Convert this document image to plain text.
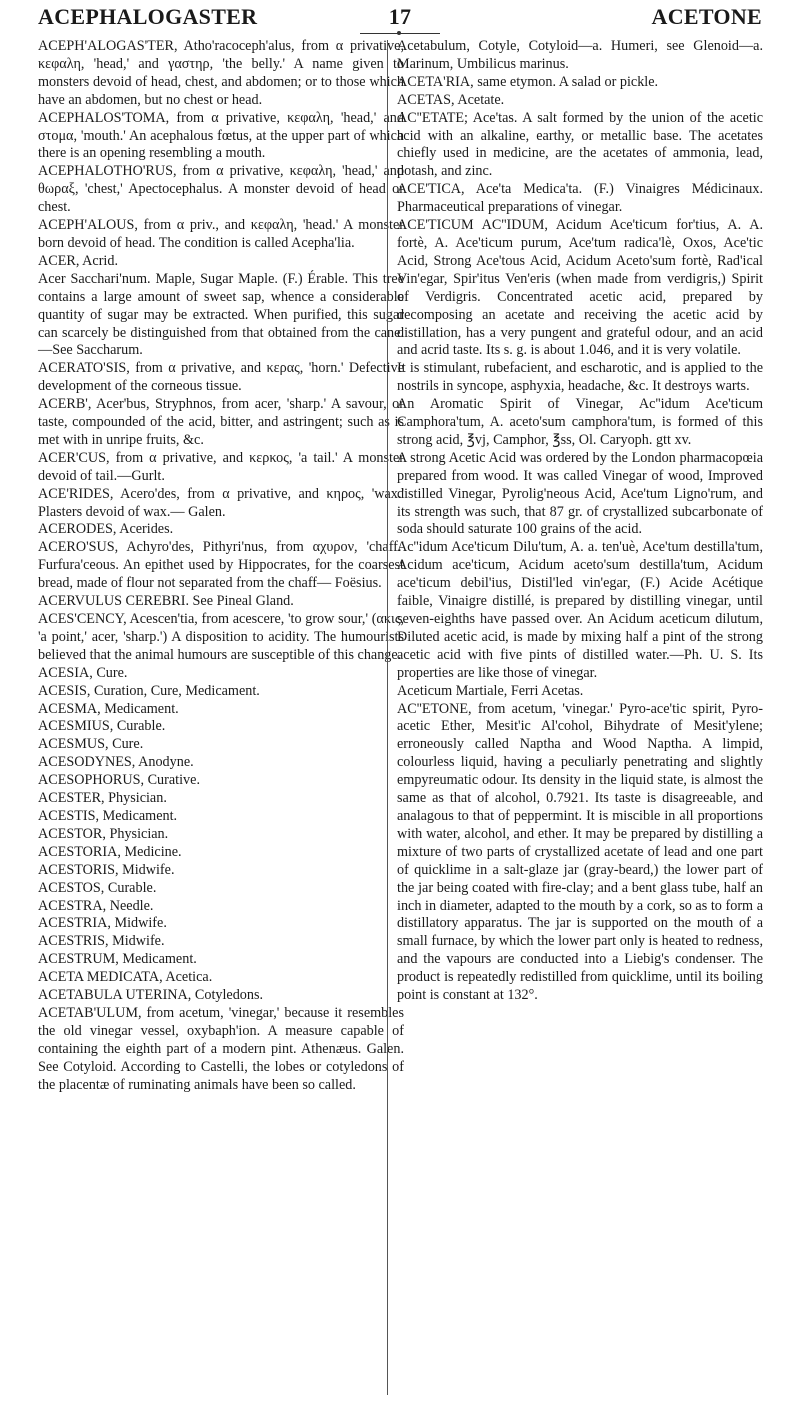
ACEPHALOGASTER	17	ACETONE

ACEPH'ALOGAS'TER, Atho'racoceph'alus, from α privative, κεφαλη, 'head,' and γαστηρ, 'the belly.' A name given to monsters devoid of head, chest, and abdomen; or to those which have an abdomen, but no chest or head.

ACEPHALOS'TOMA, from α privative, κεφαλη, 'head,' and στομα, 'mouth.' An acephalous fœtus, at the upper part of which there is an opening resembling a mouth.

ACEPHALOTHO'RUS, from α privative, κεφαλη, 'head,' and θωραξ, 'chest,' Apectocephalus. A monster devoid of head or chest.

ACEPH'ALOUS, from α priv., and κεφαλη, 'head.' A monster born devoid of head. The condition is called Acepha'lia.

ACER, Acrid.

Acer Sacchari'num. Maple, Sugar Maple. (F.) Érable. This tree contains a large amount of sweet sap, whence a considerable quantity of sugar may be extracted. When purified, this sugar can scarcely be distinguished from that obtained from the cane.—See Saccharum.

ACERATO'SIS, from α privative, and κερας, 'horn.' Defective development of the corneous tissue.

ACERB', Acer'bus, Stryphnos, from acer, 'sharp.' A savour, or taste, compounded of the acid, bitter, and astringent; such as is met with in unripe fruits, &c.

ACER'CUS, from α privative, and κερκος, 'a tail.' A monster devoid of tail.—Gurlt.

ACE'RIDES, Acero'des, from α privative, and κηρος, 'wax.' Plasters devoid of wax.— Galen.

ACERODES, Acerides.

ACERO'SUS, Achyro'des, Pithyri'nus, from αχυρον, 'chaff.' Furfura'ceous. An epithet used by Hippocrates, for the coarsest bread, made of flour not separated from the chaff— Foësius.

ACERVULUS CEREBRI. See Pineal Gland.

ACES'CENCY, Acescen'tia, from acescere, 'to grow sour,' (ακις, 'a point,' acer, 'sharp.') A disposition to acidity. The humourists believed that the animal humours are susceptible of this change.

ACESIA, Cure.

ACESIS, Curation, Cure, Medicament.

ACESMA, Medicament.

ACESMIUS, Curable.

ACESMUS, Cure.

ACESODYNES, Anodyne.

ACESOPHORUS, Curative.

ACESTER, Physician.

ACESTIS, Medicament.

ACESTOR, Physician.

ACESTORIA, Medicine.

ACESTORIS, Midwife.

ACESTOS, Curable.

ACESTRA, Needle.

ACESTRIA, Midwife.

ACESTRIS, Midwife.

ACESTRUM, Medicament.

ACETA MEDICATA, Acetica.

ACETABULA UTERINA, Cotyledons.

ACETAB'ULUM, from acetum, 'vinegar,' because it resembles the old vinegar vessel, oxybaph'ion. A measure capable of containing the eighth part of a modern pint. Athenæus. Galen. See Cotyloid. According to Castelli, the lobes or cotyledons of the placentæ of ruminating animals have been so called.

Acetabulum, Cotyle, Cotyloid—a. Humeri, see Glenoid—a. Marinum, Umbilicus marinus.

ACETA'RIA, same etymon. A salad or pickle.

ACETAS, Acetate.

AC''ETATE; Ace'tas. A salt formed by the union of the acetic acid with an alkaline, earthy, or metallic base. The acetates chiefly used in medicine, are the acetates of ammonia, lead, potash, and zinc.

ACE'TICA, Ace'ta Medica'ta. (F.) Vinaigres Médicinaux. Pharmaceutical preparations of vinegar.

ACE'TICUM AC''IDUM, Acidum Ace'ticum for'tius, A. A. fortè, A. Ace'ticum purum, Ace'tum radica'lè, Oxos, Ace'tic Acid, Strong Ace'tous Acid, Acidum Aceto'sum fortè, Rad'ical Vin'egar, Spir'itus Ven'eris (when made from verdigris,) Spirit of Verdigris. Concentrated acetic acid, prepared by decomposing an acetate and receiving the acetic acid by distillation, has a very pungent and grateful odour, and an acid and acrid taste. Its s. g. is about 1.046, and it is very volatile.

It is stimulant, rubefacient, and escharotic, and is applied to the nostrils in syncope, asphyxia, headache, &c. It destroys warts.

An Aromatic Spirit of Vinegar, Ac''idum Ace'ticum Camphora'tum, A. aceto'sum camphora'tum, is formed of this strong acid, ℥vj, Camphor, ℥ss, Ol. Caryoph. gtt xv.

A strong Acetic Acid was ordered by the London pharmacopœia prepared from wood. It was called Vinegar of wood, Improved distilled Vinegar, Pyrolig'neous Acid, Ace'tum Ligno'rum, and its strength was such, that 87 gr. of crystallized subcarbonate of soda should saturate 100 grains of the acid.

Ac''idum Ace'ticum Dilu'tum, A. a. ten'uè, Ace'tum destilla'tum, Acidum ace'ticum, Acidum aceto'sum destilla'tum, Acidum ace'ticum debil'ius, Distil'led vin'egar, (F.) Acide Acétique faible, Vinaigre distillé, is prepared by distilling vinegar, until seven-eighths have passed over. An Acidum aceticum dilutum, Diluted acetic acid, is made by mixing half a pint of the strong acetic acid with five pints of distilled water.—Ph. U. S. Its properties are like those of vinegar.

Aceticum Martiale, Ferri Acetas.

AC''ETONE, from acetum, 'vinegar.' Pyro-ace'tic spirit, Pyro-acetic Ether, Mesit'ic Al'cohol, Bihydrate of Mesit'ylene; erroneously called Naptha and Wood Naptha. A limpid, colourless liquid, having a peculiarly penetrating and slightly empyreumatic odour. Its density in the liquid state, is almost the same as that of alcohol, 0.7921. Its taste is disagreeable, and analagous to that of peppermint. It is miscible in all proportions with water, alcohol, and ether. It may be prepared by distilling a mixture of two parts of crystallized acetate of lead and one part of quicklime in a salt-glaze jar (gray-beard,) the lower part of the jar being coated with fire-clay; and a bent glass tube, half an inch in diameter, adapted to the mouth by a cork, so as to form a distillatory apparatus. The jar is supported on the mouth of a small furnace, by which the lower part only is heated to redness, and the vapours are conducted into a Liebig's condenser. The product is repeatedly redistilled from quicklime, until its boiling point is constant at 132°.
